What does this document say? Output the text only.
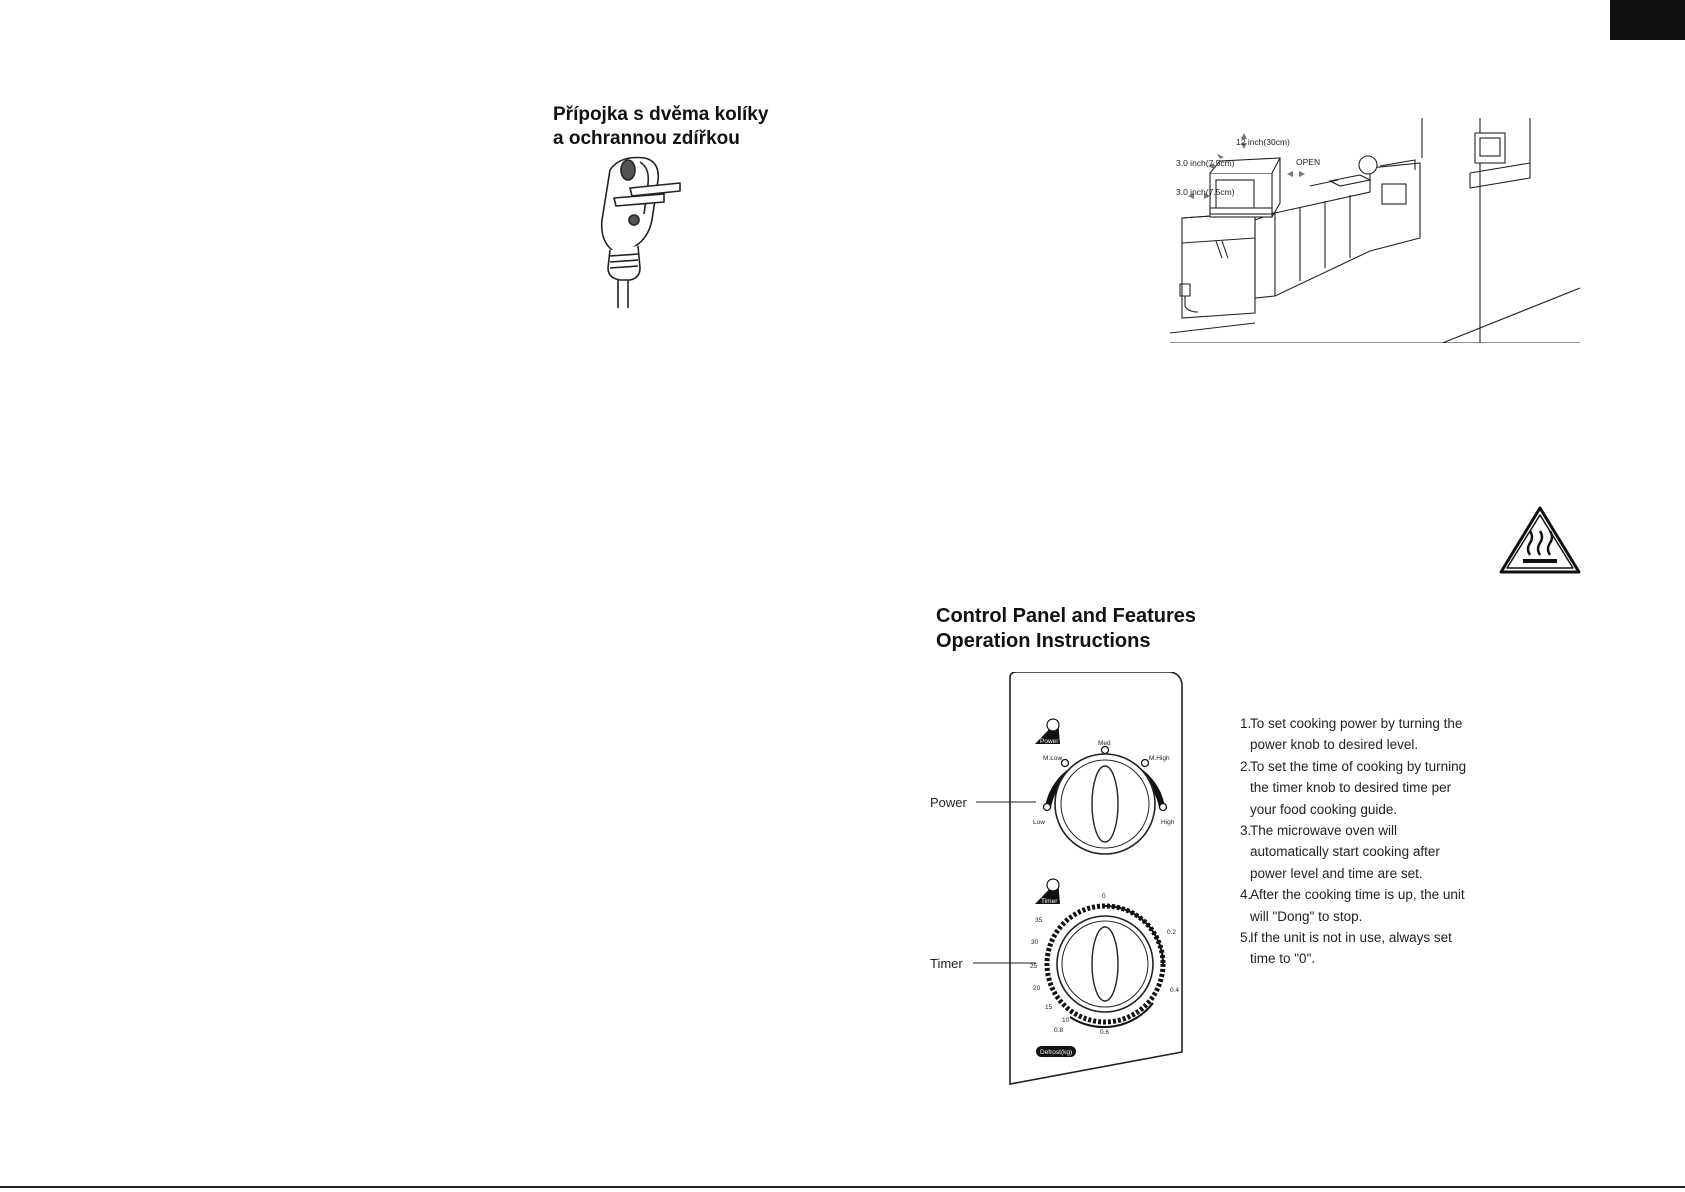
Přípojka s dvěma kolíky
a ochrannou zdířkou	12 inch(30cm)
3.0 inch(7.5cm)
3.0 inch(7.5cm)
OPEN
Control Panel and Features
Operation Instructions
Power
Timer
Power
Low
M.Low
Med
M.High
High
Timer
0
35
30
25
20
15
10
0.2
0.4
0.6
0.8
Defrost(kg)
1.To set cooking power by turning the
power knob to desired level.
2.To set the time of cooking by turning
the timer knob to desired time per
your food cooking guide.
3.The microwave oven will
automatically start cooking after
power level and time are set.
4.After the cooking time is up, the unit
will "Dong" to stop.
5.If the unit is not in use, always set
time to "0".
